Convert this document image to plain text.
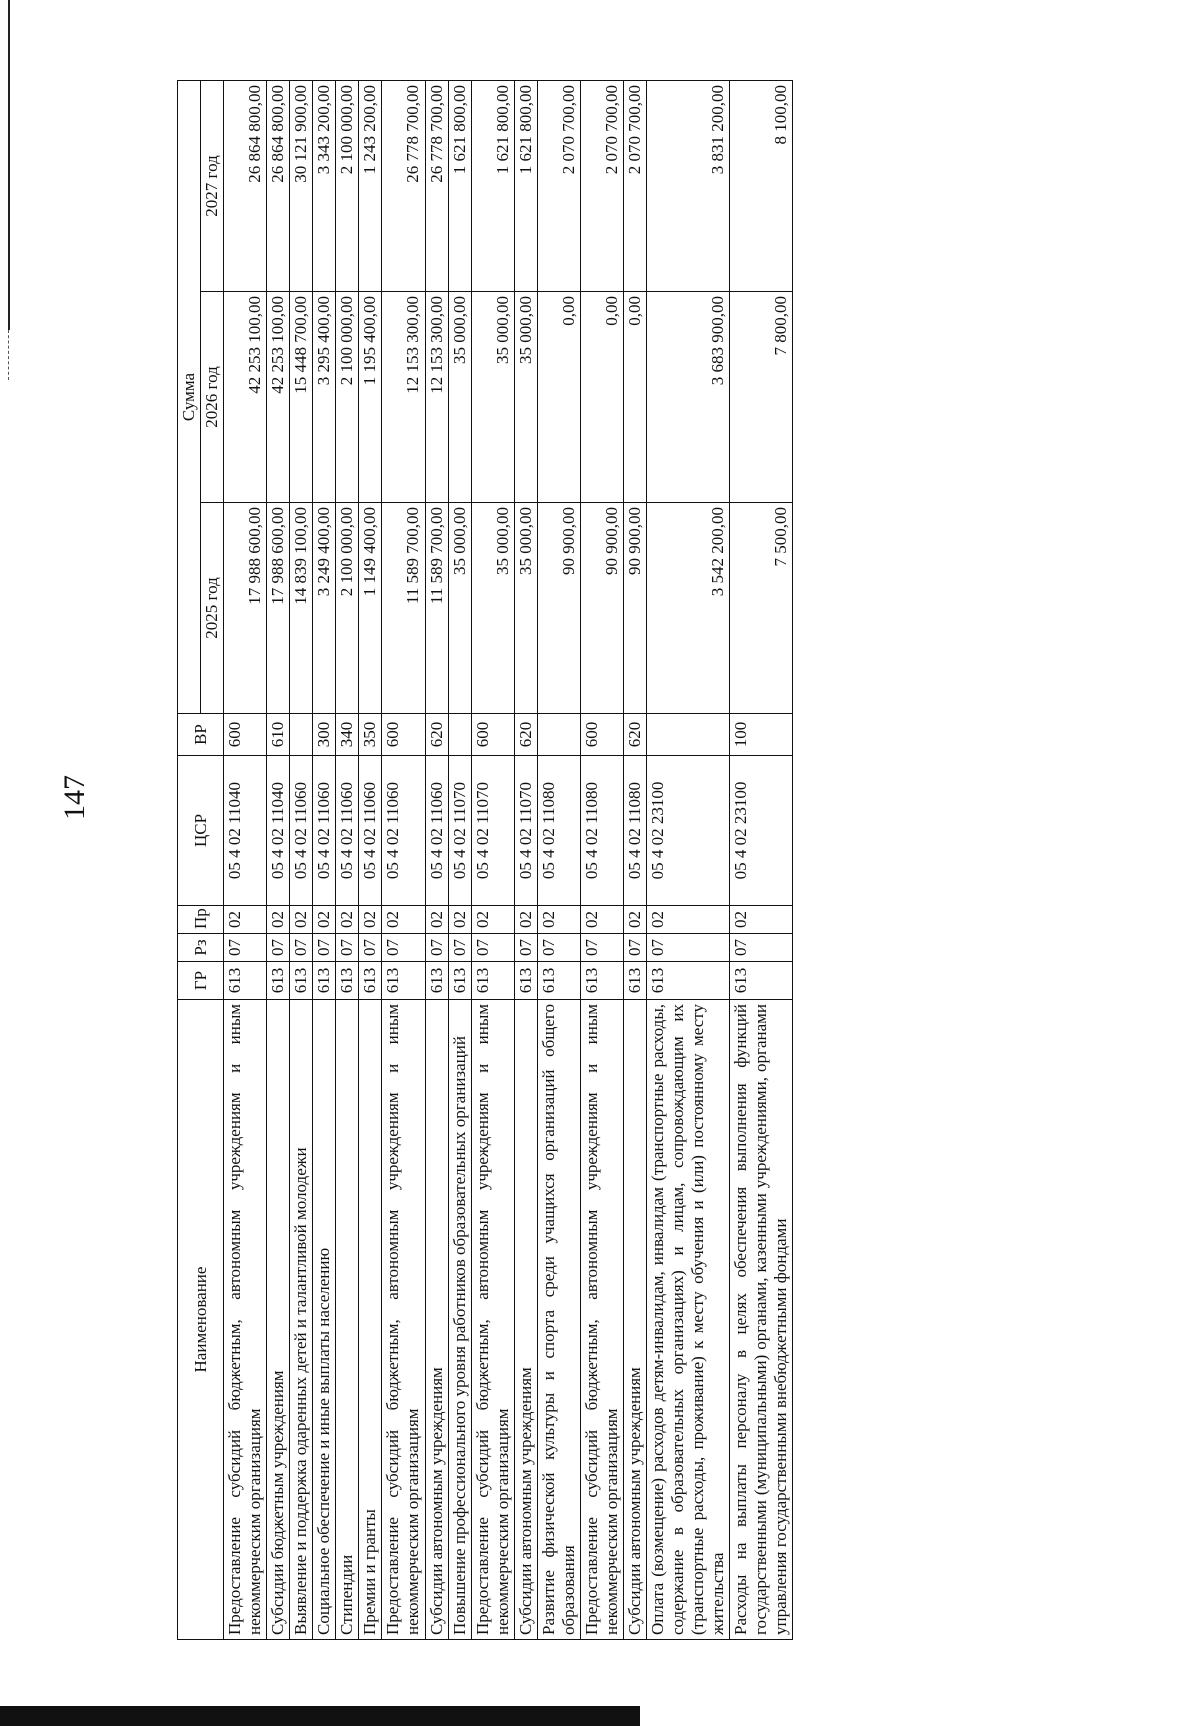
147
Наименование	ГР	Рз	Пр	ЦСР	ВР	Сумма		
						2025 год	2026 год	2027 год
Предоставление субсидий бюджетным, автономным учреждениям и иным некоммерческим организациям	613	07	02	05 4 02 11040	600	17 988 600,00	42 253 100,00	26 864 800,00
Субсидии бюджетным учреждениям	613	07	02	05 4 02 11040	610	17 988 600,00	42 253 100,00	26 864 800,00
Выявление и поддержка одаренных детей и талантливой молодежи	613	07	02	05 4 02 11060		14 839 100,00	15 448 700,00	30 121 900,00
Социальное обеспечение и иные выплаты населению	613	07	02	05 4 02 11060	300	3 249 400,00	3 295 400,00	3 343 200,00
Стипендии	613	07	02	05 4 02 11060	340	2 100 000,00	2 100 000,00	2 100 000,00
Премии и гранты	613	07	02	05 4 02 11060	350	1 149 400,00	1 195 400,00	1 243 200,00
Предоставление субсидий бюджетным, автономным учреждениям и иным некоммерческим организациям	613	07	02	05 4 02 11060	600	11 589 700,00	12 153 300,00	26 778 700,00
Субсидии автономным учреждениям	613	07	02	05 4 02 11060	620	11 589 700,00	12 153 300,00	26 778 700,00
Повышение профессионального уровня работников образовательных организаций	613	07	02	05 4 02 11070		35 000,00	35 000,00	1 621 800,00
Предоставление субсидий бюджетным, автономным учреждениям и иным некоммерческим организациям	613	07	02	05 4 02 11070	600	35 000,00	35 000,00	1 621 800,00
Субсидии автономным учреждениям	613	07	02	05 4 02 11070	620	35 000,00	35 000,00	1 621 800,00
Развитие физической культуры и спорта среди учащихся организаций общего образования	613	07	02	05 4 02 11080		90 900,00	0,00	2 070 700,00
Предоставление субсидий бюджетным, автономным учреждениям и иным некоммерческим организациям	613	07	02	05 4 02 11080	600	90 900,00	0,00	2 070 700,00
Субсидии автономным учреждениям	613	07	02	05 4 02 11080	620	90 900,00	0,00	2 070 700,00
Оплата (возмещение) расходов детям-инвалидам, инвалидам (транспортные расходы, содержание в образовательных организациях) и лицам, сопровождающим их (транспортные расходы, проживание) к месту обучения и (или) постоянному месту жительства	613	07	02	05 4 02 23100		3 542 200,00	3 683 900,00	3 831 200,00
Расходы на выплаты персоналу в целях обеспечения выполнения функций государственными (муниципальными) органами, казенными учреждениями, органами управления государственными внебюджетными фондами	613	07	02	05 4 02 23100	100	7 500,00	7 800,00	8 100,00
